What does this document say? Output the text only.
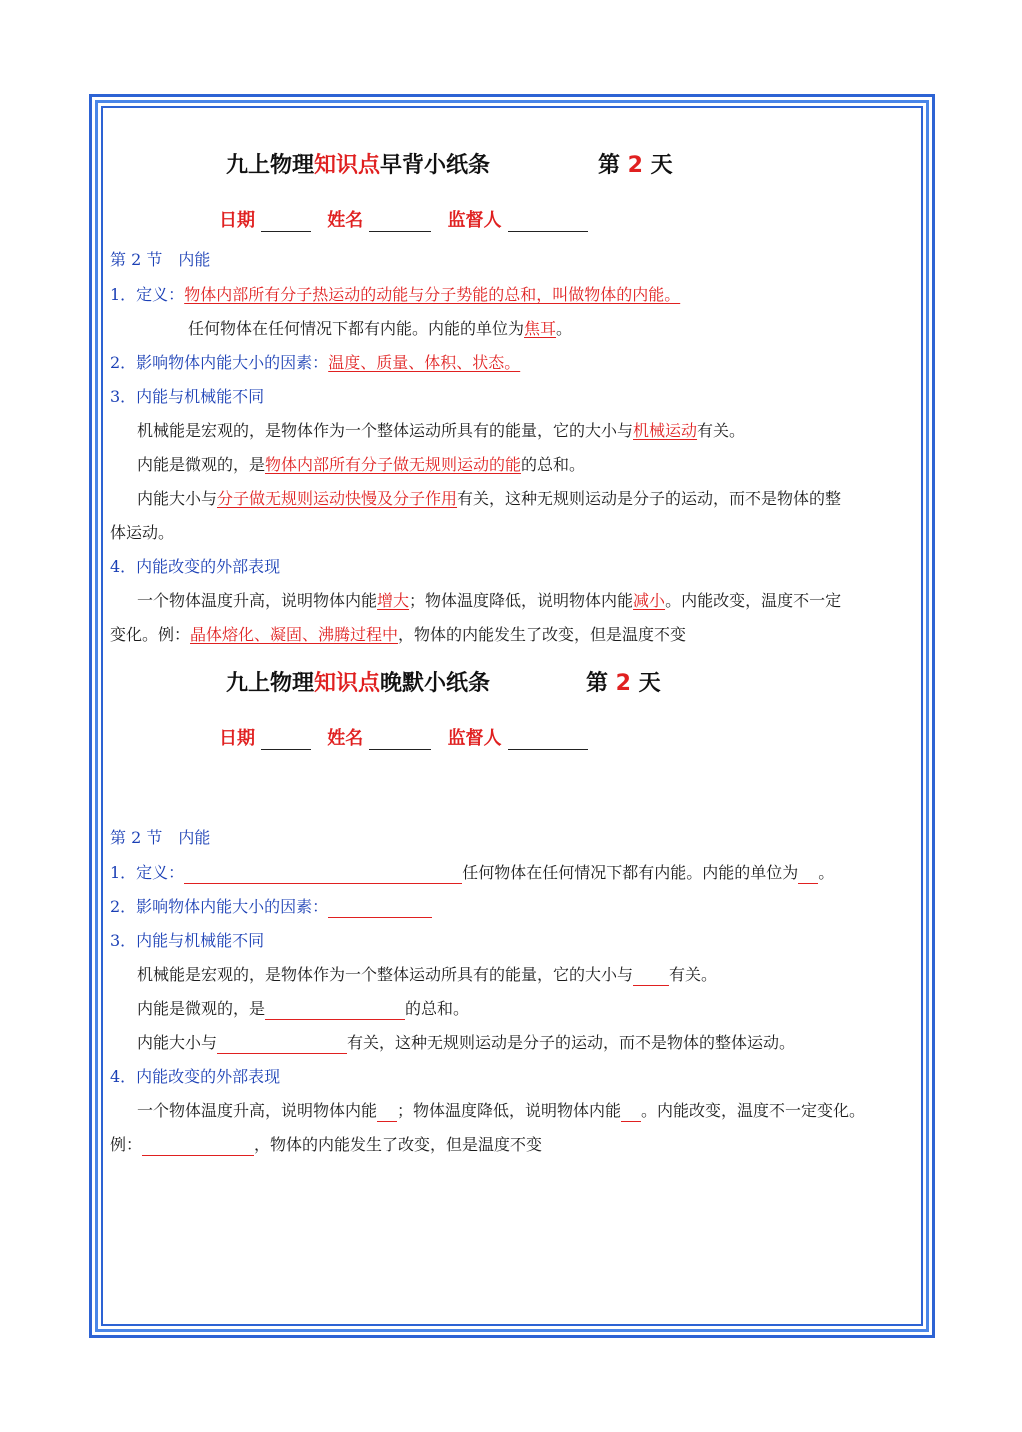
九上物理知识点早背小纸条	第 2 天
日期	姓名	监督人
第 2 节　内能
1．定义：物体内部所有分子热运动的动能与分子势能的总和，叫做物体的内能。
任何物体在任何情况下都有内能。内能的单位为焦耳。
2．影响物体内能大小的因素：温度、质量、体积、状态。
3．内能与机械能不同
机械能是宏观的，是物体作为一个整体运动所具有的能量，它的大小与机械运动有关。
内能是微观的，是物体内部所有分子做无规则运动的能的总和。
内能大小与分子做无规则运动快慢及分子作用有关，这种无规则运动是分子的运动，而不是物体的整
体运动。
4．内能改变的外部表现
一个物体温度升高，说明物体内能增大；物体温度降低，说明物体内能减小。内能改变，温度不一定
变化。例：晶体熔化、凝固、沸腾过程中，物体的内能发生了改变，但是温度不变
九上物理知识点晚默小纸条	第 2 天
日期	姓名	监督人
第 2 节　内能
1．定义：	任何物体在任何情况下都有内能。内能的单位为 。
2．影响物体内能大小的因素：
3．内能与机械能不同
机械能是宏观的，是物体作为一个整体运动所具有的能量，它的大小与 有关。
内能是微观的，是	的总和。
内能大小与	有关，这种无规则运动是分子的运动，而不是物体的整体运动。
4．内能改变的外部表现
一个物体温度升高，说明物体内能 ；物体温度降低，说明物体内能 。内能改变，温度不一定变化。
例：	，物体的内能发生了改变，但是温度不变
